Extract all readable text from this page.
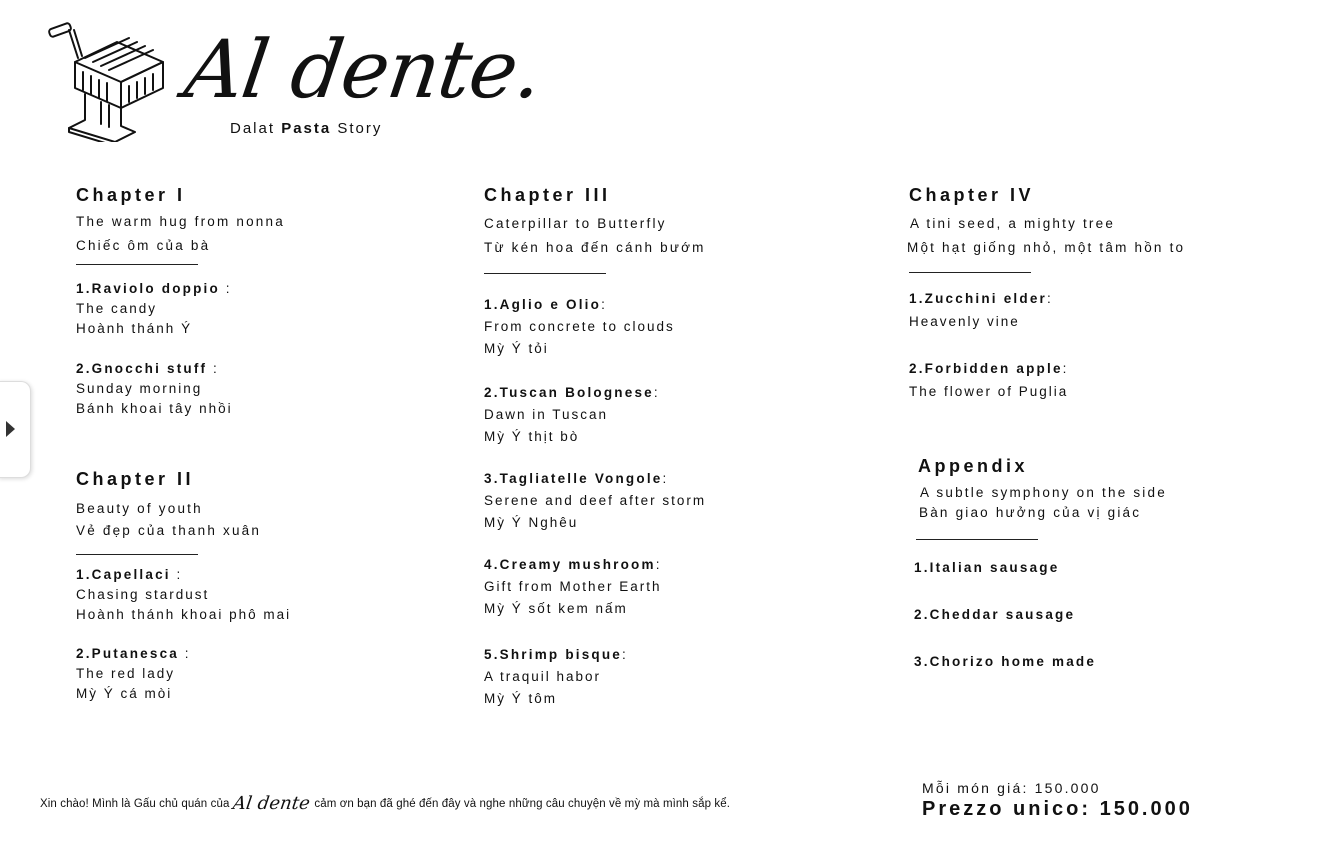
Al dente.
Dalat Pasta Story
Chapter I
The warm hug from nonna
Chiếc ôm của bà
1.Raviolo doppio :
The candy
Hoành thánh Ý
2.Gnocchi stuff :
Sunday morning
Bánh khoai tây nhồi
Chapter II
Beauty of youth
Vẻ đẹp của thanh xuân
1.Capellaci :
Chasing stardust
Hoành thánh khoai phô mai
2.Putanesca :
The red lady
Mỳ Ý cá mòi
Chapter III
Caterpillar to Butterfly
Từ kén hoa đến cánh bướm
1.Aglio e Olio:
From concrete to clouds
Mỳ Ý tỏi
2.Tuscan Bolognese:
Dawn in Tuscan
Mỳ Ý thịt bò
3.Tagliatelle Vongole:
Serene and deef after storm
Mỳ Ý Nghêu
4.Creamy mushroom:
Gift from Mother Earth
Mỳ Ý sốt kem nấm
5.Shrimp bisque:
A traquil habor
Mỳ Ý tôm
Chapter IV
A tini seed, a mighty tree
Một hạt giống nhỏ, một tâm hồn to
1.Zucchini elder:
Heavenly vine
2.Forbidden apple:
The flower of Puglia
Appendix
A subtle symphony on the side
Bàn giao hưởng của vị giác
1.Italian sausage
2.Cheddar sausage
3.Chorizo home made
Xin chào! Mình là Gấu chủ quán của Al dente cảm ơn bạn đã ghé đến đây và nghe những câu chuyện về mỳ mà mình sắp kể.
Mỗi món giá: 150.000
Prezzo unico: 150.000
